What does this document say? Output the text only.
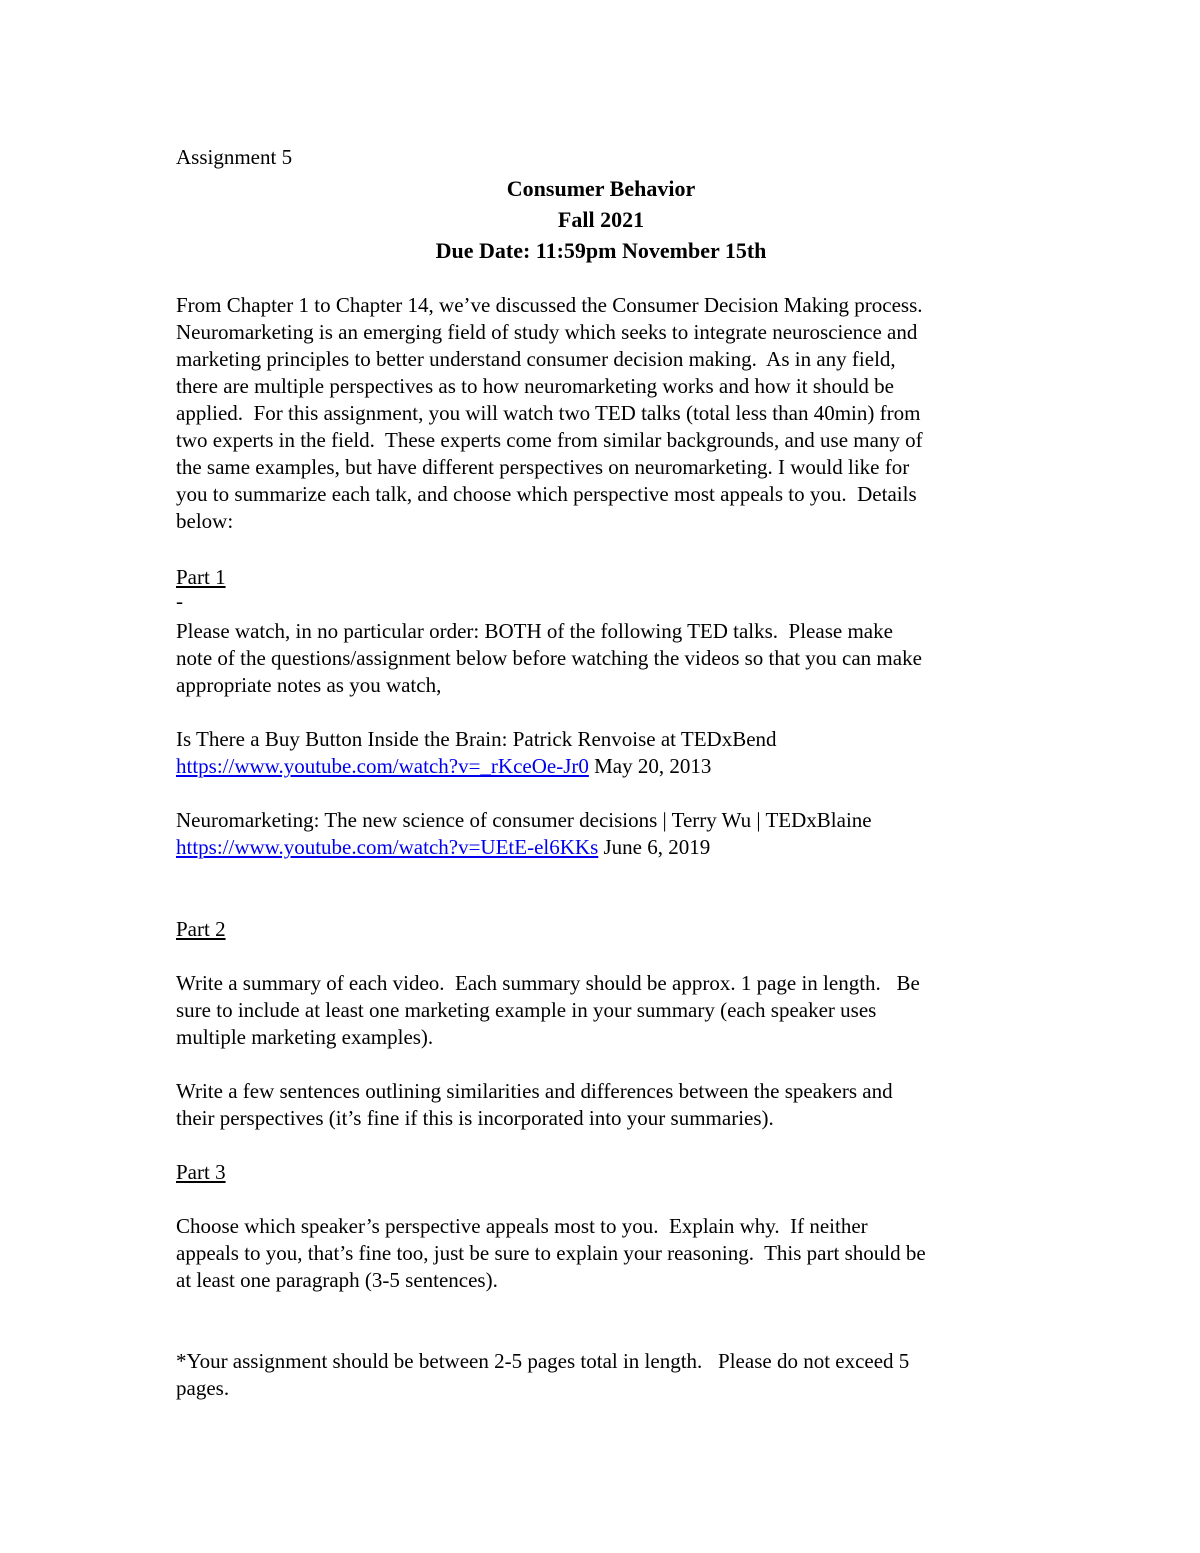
Assignment 5
Consumer Behavior
Fall 2021
Due Date: 11:59pm November 15th
From Chapter 1 to Chapter 14, we’ve discussed the Consumer Decision Making process.
Neuromarketing is an emerging field of study which seeks to integrate neuroscience and
marketing principles to better understand consumer decision making.  As in any field,
there are multiple perspectives as to how neuromarketing works and how it should be
applied.  For this assignment, you will watch two TED talks (total less than 40min) from
two experts in the field.  These experts come from similar backgrounds, and use many of
the same examples, but have different perspectives on neuromarketing. I would like for
you to summarize each talk, and choose which perspective most appeals to you.  Details
below:
Part 1
-
Please watch, in no particular order: BOTH of the following TED talks.  Please make
note of the questions/assignment below before watching the videos so that you can make
appropriate notes as you watch,
Is There a Buy Button Inside the Brain: Patrick Renvoise at TEDxBend
https://www.youtube.com/watch?v=_rKceOe-Jr0 May 20, 2013
Neuromarketing: The new science of consumer decisions | Terry Wu | TEDxBlaine
https://www.youtube.com/watch?v=UEtE-el6KKs June 6, 2019
Part 2
Write a summary of each video.  Each summary should be approx. 1 page in length.   Be
sure to include at least one marketing example in your summary (each speaker uses
multiple marketing examples).
Write a few sentences outlining similarities and differences between the speakers and
their perspectives (it’s fine if this is incorporated into your summaries).
Part 3
Choose which speaker’s perspective appeals most to you.  Explain why.  If neither
appeals to you, that’s fine too, just be sure to explain your reasoning.  This part should be
at least one paragraph (3-5 sentences).
*Your assignment should be between 2-5 pages total in length.   Please do not exceed 5
pages.
